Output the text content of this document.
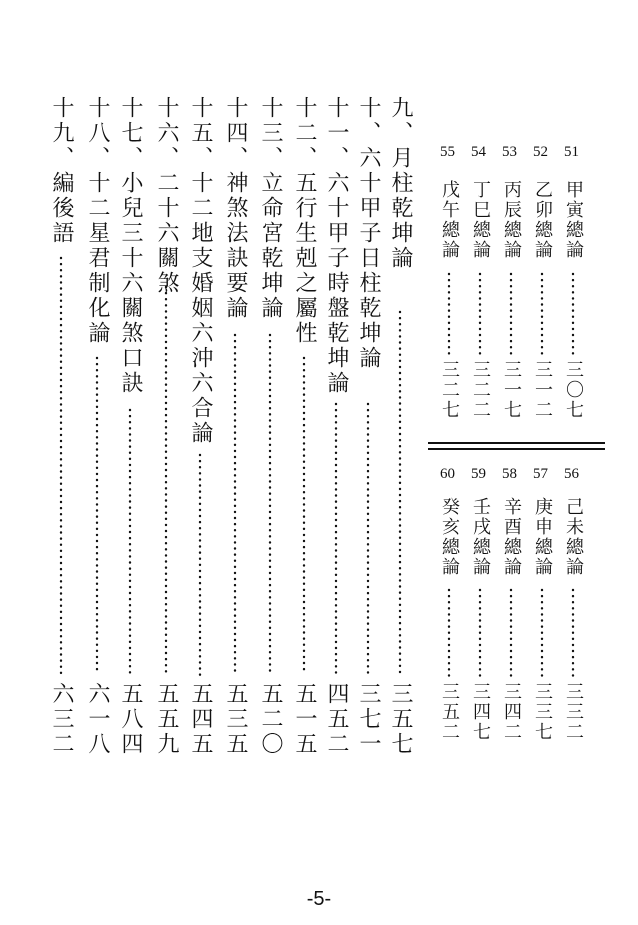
九、月柱乾坤論
三五七
十、六十甲子日柱乾坤論
三七一
十一、六十甲子時盤乾坤論
四五二
十二、五行生剋之屬性
五一五
十三、立命宮乾坤論
五二〇
十四、神煞法訣要論
五三五
十五、十二地支婚姻六沖六合論
五四五
十六、二十六關煞
五五九
十七、小兒三十六關煞口訣
五八四
十八、十二星君制化論
六一八
十九、編後語
六三二
51
甲寅總論
三〇七
52
乙卯總論
三一二
53
丙辰總論
三一七
54
丁巳總論
三二二
55
戊午總論
三二七
56
己未總論
三三二
57
庚申總論
三三七
58
辛酉總論
三四二
59
壬戌總論
三四七
60
癸亥總論
三五二
-5-
